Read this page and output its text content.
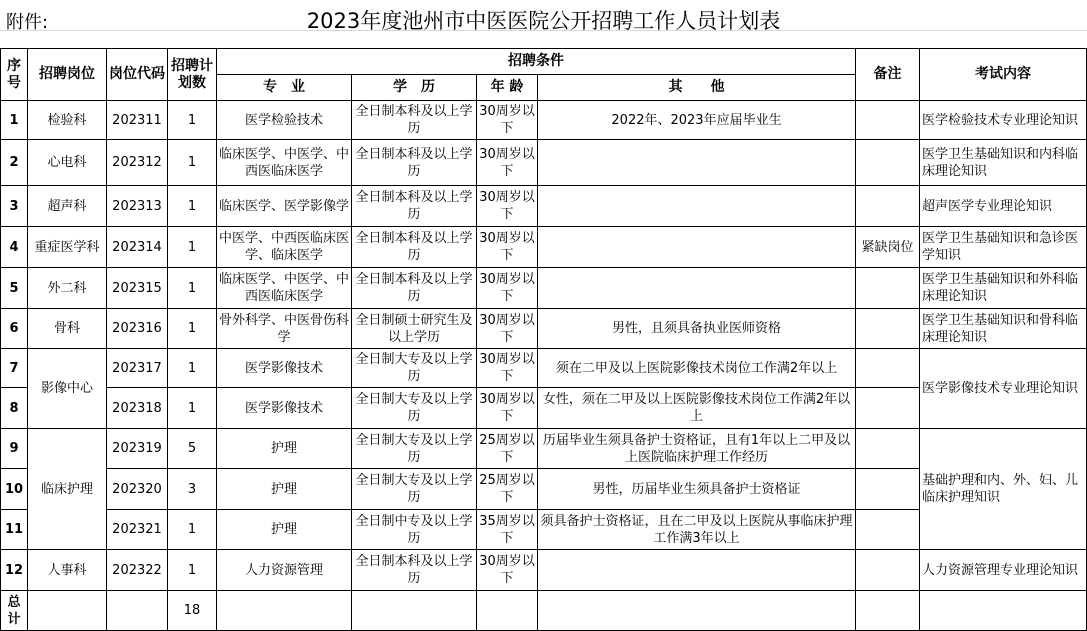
附件:	2023年度池州市中医医院公开招聘工作人员计划表
序号	招聘岗位	岗位代码	招聘计划数	招聘条件				备注	考试内容
				专　业	学　历	年 龄	其　　他		
1	检验科	202311	1	医学检验技术	全日制本科及以上学历	30周岁以下	2022年、2023年应届毕业生		医学检验技术专业理论知识
2	心电科	202312	1	临床医学、中医学、中西医临床医学	全日制本科及以上学历	30周岁以下			医学卫生基础知识和内科临床理论知识
3	超声科	202313	1	临床医学、医学影像学	全日制本科及以上学历	30周岁以下			超声医学专业理论知识
4	重症医学科	202314	1	中医学、中西医临床医学、临床医学	全日制本科及以上学历	30周岁以下		紧缺岗位	医学卫生基础知识和急诊医学知识
5	外二科	202315	1	临床医学、中医学、中西医临床医学	全日制本科及以上学历	30周岁以下			医学卫生基础知识和外科临床理论知识
6	骨科	202316	1	骨外科学、中医骨伤科学	全日制硕士研究生及以上学历	30周岁以下	男性，且须具备执业医师资格		医学卫生基础知识和骨科临床理论知识
7	影像中心	202317	1	医学影像技术	全日制大专及以上学历	30周岁以下	须在二甲及以上医院影像技术岗位工作满2年以上		医学影像技术专业理论知识
8		202318	1	医学影像技术	全日制大专及以上学历	30周岁以下	女性，须在二甲及以上医院影像技术岗位工作满2年以上		
9	临床护理	202319	5	护理	全日制大专及以上学历	25周岁以下	历届毕业生须具备护士资格证，且有1年以上二甲及以上医院临床护理工作经历		基础护理和内、外、妇、儿临床护理知识
10		202320	3	护理	全日制大专及以上学历	25周岁以下	男性，历届毕业生须具备护士资格证		
11		202321	1	护理	全日制中专及以上学历	35周岁以下	须具备护士资格证，且在二甲及以上医院从事临床护理工作满3年以上		
12	人事科	202322	1	人力资源管理	全日制本科及以上学历	30周岁以下			人力资源管理专业理论知识
总计			18						
